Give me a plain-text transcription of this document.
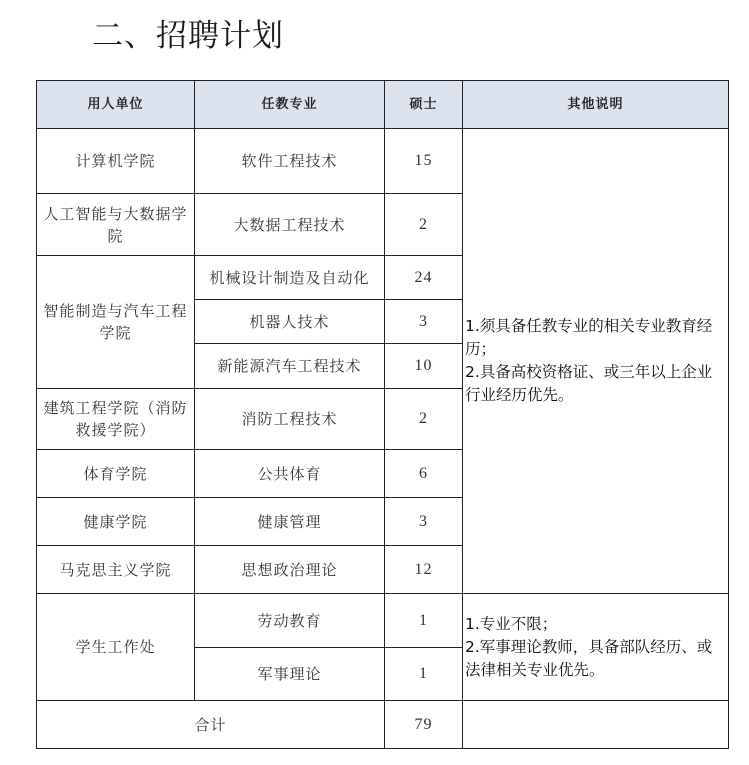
二、招聘计划
用人单位	任教专业	硕士	其他说明
计算机学院	软件工程技术	15	1.须具备任教专业的相关专业教育经历；
2.具备高校资格证、或三年以上企业行业经历优先。

人工智能与大数据学院	大数据工程技术	2	
智能制造与汽车工程学院	机械设计制造及自动化	24	
	机器人技术	3	
	新能源汽车工程技术	10	
建筑工程学院（消防救援学院）	消防工程技术	2	
体育学院	公共体育	6	
健康学院	健康管理	3	
马克思主义学院	思想政治理论	12	
学生工作处	劳动教育	1	1.专业不限；
2.军事理论教师，具备部队经历、或法律相关专业优先。

	军事理论	1	
合计		79	
